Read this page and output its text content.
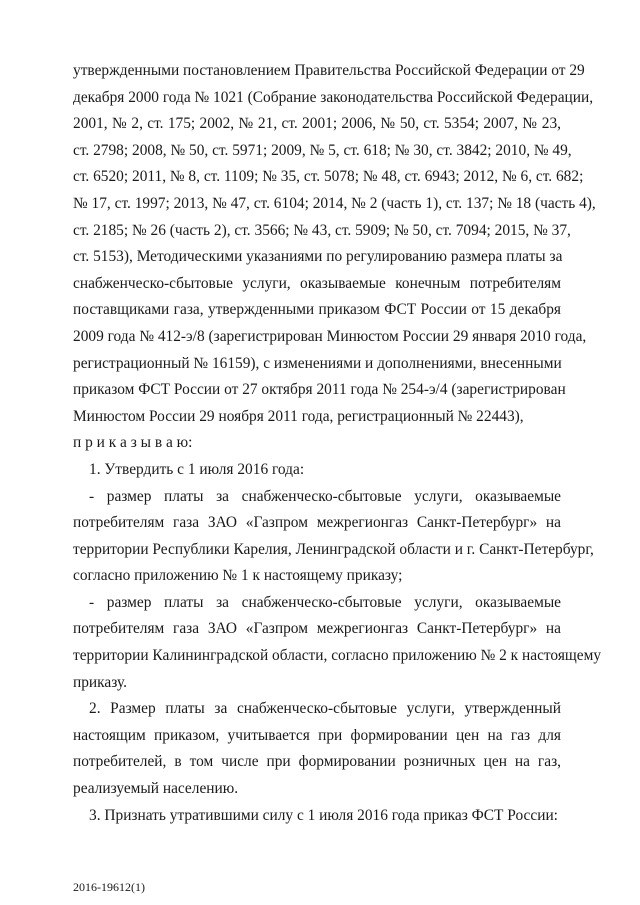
утвержденными постановлением Правительства Российской Федерации от 29
декабря 2000 года № 1021 (Собрание законодательства Российской Федерации,
2001, № 2, ст. 175; 2002, № 21, ст. 2001; 2006, № 50, ст. 5354; 2007, № 23,
ст. 2798; 2008, № 50, ст. 5971; 2009, № 5, ст. 618; № 30, ст. 3842; 2010, № 49,
ст. 6520; 2011, № 8, ст. 1109; № 35, ст. 5078; № 48, ст. 6943; 2012, № 6, ст. 682;
№ 17, ст. 1997; 2013, № 47, ст. 6104; 2014, № 2 (часть 1), ст. 137; № 18 (часть 4),
ст. 2185; № 26 (часть 2), ст. 3566; № 43, ст. 5909; № 50, ст. 7094; 2015, № 37,
ст. 5153), Методическими указаниями по регулированию размера платы за
снабженческо-сбытовые услуги, оказываемые конечным потребителям
поставщиками газа, утвержденными приказом ФСТ России от 15 декабря
2009 года № 412-э/8 (зарегистрирован Минюстом России 29 января 2010 года,
регистрационный № 16159), с изменениями и дополнениями, внесенными
приказом ФСТ России от 27 октября 2011 года № 254-э/4 (зарегистрирован
Минюстом России 29 ноября 2011 года, регистрационный № 22443),
п р и к а з ы в а ю:
1. Утвердить с 1 июля 2016 года:
- размер платы за снабженческо-сбытовые услуги, оказываемые
потребителям газа ЗАО «Газпром межрегионгаз Санкт-Петербург» на
территории Республики Карелия, Ленинградской области и г. Санкт-Петербург,
согласно приложению № 1 к настоящему приказу;
- размер платы за снабженческо-сбытовые услуги, оказываемые
потребителям газа ЗАО «Газпром межрегионгаз Санкт-Петербург» на
территории Калининградской области, согласно приложению № 2 к настоящему
приказу.
2. Размер платы за снабженческо-сбытовые услуги, утвержденный
настоящим приказом, учитывается при формировании цен на газ для
потребителей, в том числе при формировании розничных цен на газ,
реализуемый населению.
3. Признать утратившими силу с 1 июля 2016 года приказ ФСТ России:
2016-19612(1)
